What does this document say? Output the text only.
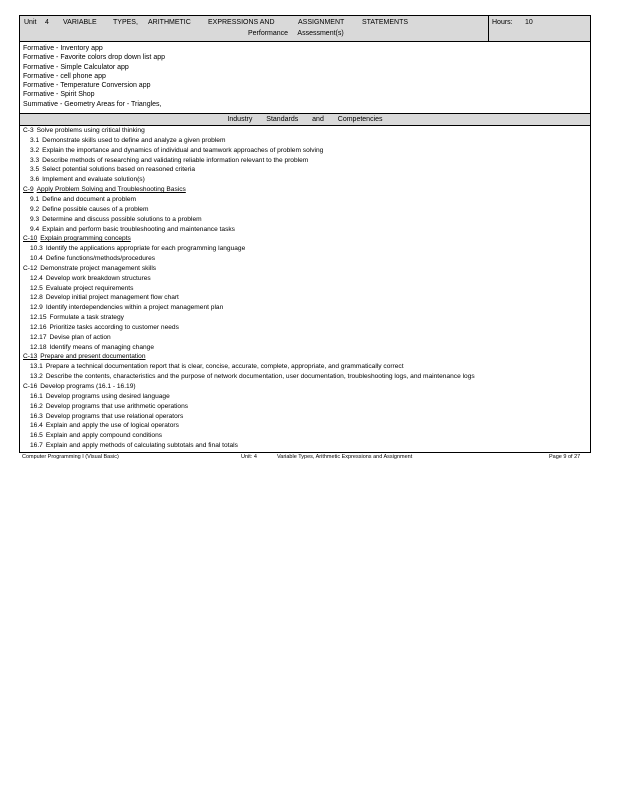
Unit 4 VARIABLE TYPES, ARITHMETIC EXPRESSIONS AND	ASSIGNMENT	STATEMENTS
Performance     Assessment(s)
Hours: 10
Formative - Inventory app
Formative - Favorite colors drop down list app
Formative - Simple Calculator app
Formative - cell phone app
Formative - Temperature Conversion app
Formative - Spirit Shop
Summative - Geometry Areas for - Triangles,
Industry Standards and Competencies
C-3 Solve problems using critical thinking
3.1 Demonstrate skills used to define and analyze a given problem
3.2 Explain the importance and dynamics of individual and teamwork approaches of problem solving
3.3 Describe methods of researching and validating reliable information relevant to the problem
3.5 Select potential solutions based on reasoned criteria
3.6 Implement and evaluate solution(s)
C-9 Apply Problem Solving and Troubleshooting Basics
9.1 Define and document a problem
9.2 Define possible causes of a problem
9.3 Determine and discuss possible solutions to a problem
9.4 Explain and perform basic troubleshooting and maintenance tasks
C-10 Explain programming concepts
10.3 Identify the applications appropriate for each programming language
10.4 Define functions/methods/procedures
C-12 Demonstrate project management skills
12.4 Develop work breakdown structures
12.5 Evaluate project requirements
12.8 Develop initial project management flow chart
12.9 Identify interdependencies within a project management plan
12.15 Formulate a task strategy
12.16 Prioritize tasks according to customer needs
12.17 Devise plan of action
12.18 Identify means of managing change
C-13 Prepare and present documentation
13.1 Prepare a technical documentation report that is clear, concise, accurate, complete, appropriate, and grammatically correct
13.2 Describe the contents, characteristics and the purpose of network documentation, user documentation, troubleshooting logs, and maintenance logs
C-16 Develop programs (16.1 - 16.19)
16.1 Develop programs using desired language
16.2 Develop programs that use arithmetic operations
16.3 Develop programs that use relational operators
16.4 Explain and apply the use of logical operators
16.5 Explain and apply compound conditions
16.7 Explain and apply methods of calculating subtotals and final totals
Computer Programming I (Visual Basic)	Unit: 4	Variable Types, Arithmetic Expressions and Assignment	Page 9 of 27
